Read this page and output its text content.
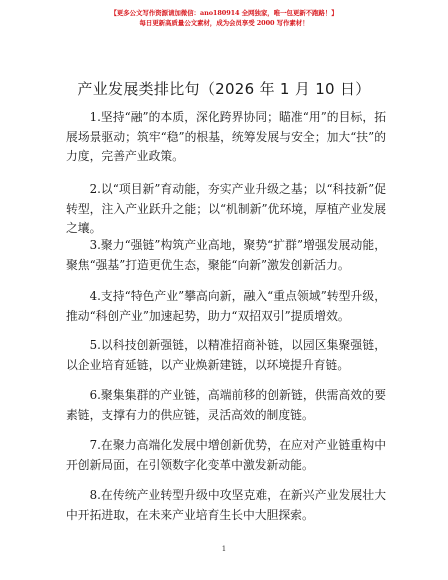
【更多公文写作资源请加微信：ano180914 全网独家，唯一包更新不跑路！】
每日更新高质量公文素材，成为会员享受 2000 写作素材！
产业发展类排比句（2026 年 1 月 10 日）
1.坚持“融”的本质，深化跨界协同；瞄准“用”的目标，拓展场景驱动；筑牢“稳”的根基，统筹发展与安全；加大“扶”的力度，完善产业政策。
2.以“项目新”育动能，夯实产业升级之基；以“科技新”促转型，注入产业跃升之能；以“机制新”优环境，厚植产业发展之壤。
3.聚力“强链”构筑产业高地，聚势“扩群”增强发展动能，聚焦“强基”打造更优生态，聚能“向新”激发创新活力。
4.支持“特色产业”攀高向新，融入“重点领域”转型升级，推动“科创产业”加速起势，助力“双招双引”提质增效。
5.以科技创新强链，以精准招商补链，以园区集聚强链，以企业培育延链，以产业焕新建链，以环境提升育链。
6.聚集集群的产业链，高端前移的创新链，供需高效的要素链，支撑有力的供应链，灵活高效的制度链。
7.在聚力高端化发展中增创新优势，在应对产业链重构中开创新局面，在引领数字化变革中激发新动能。
8.在传统产业转型升级中攻坚克难，在新兴产业发展壮大中开拓进取，在未来产业培育生长中大胆探索。
1
